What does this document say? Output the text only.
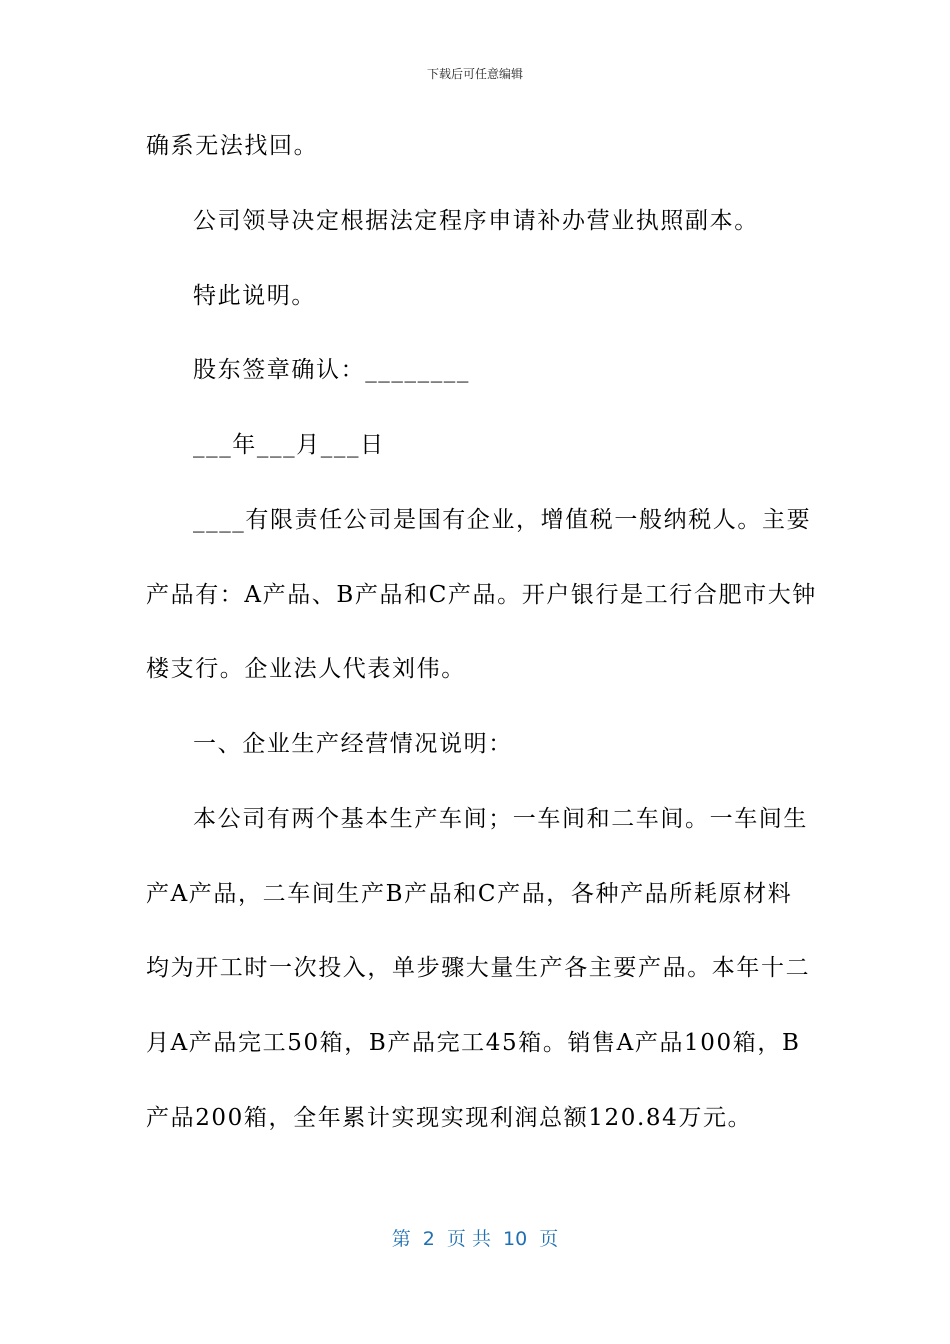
下载后可任意编辑
确系无法找回。
公司领导决定根据法定程序申请补办营业执照副本。
特此说明。
股东签章确认：________
___年___月___日
____有限责任公司是国有企业，增值税一般纳税人。主要
产品有：A产品、B产品和C产品。开户银行是工行合肥市大钟
楼支行。企业法人代表刘伟。
一、企业生产经营情况说明：
本公司有两个基本生产车间；一车间和二车间。一车间生
产A产品，二车间生产B产品和C产品，各种产品所耗原材料
均为开工时一次投入，单步骤大量生产各主要产品。本年十二
月A产品完工50箱，B产品完工45箱。销售A产品100箱，B
产品200箱，全年累计实现实现利润总额120.84万元。
第  2  页 共  10  页
